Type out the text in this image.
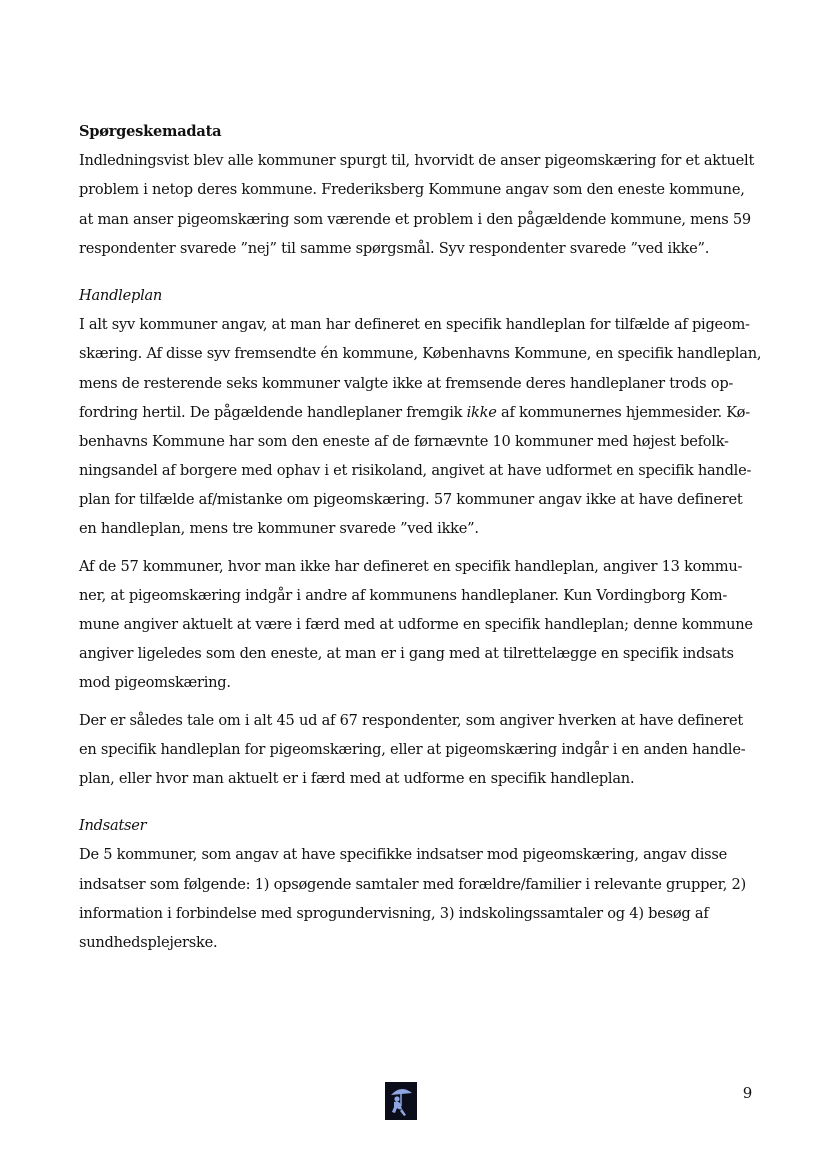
Spørgeskemadata
Indledningsvist blev alle kommuner spurgt til, hvorvidt de anser pigeomskæring for et aktuelt
problem i netop deres kommune. Frederiksberg Kommune angav som den eneste kommune,
at man anser pigeomskæring som værende et problem i den pågældende kommune, mens 59
respondenter svarede ”nej” til samme spørgsmål. Syv respondenter svarede ”ved ikke”.
Handleplan
I alt syv kommuner angav, at man har defineret en specifik handleplan for tilfælde af pigeom-
skæring. Af disse syv fremsendte én kommune, Københavns Kommune, en specifik handleplan,
mens de resterende seks kommuner valgte ikke at fremsende deres handleplaner trods op-
fordring hertil. De pågældende handleplaner fremgik ikke af kommunernes hjemmesider. Kø-
benhavns Kommune har som den eneste af de førnævnte 10 kommuner med højest befolk-
ningsandel af borgere med ophav i et risikoland, angivet at have udformet en specifik handle-
plan for tilfælde af/mistanke om pigeomskæring. 57 kommuner angav ikke at have defineret
en handleplan, mens tre kommuner svarede ”ved ikke”.
Af de 57 kommuner, hvor man ikke har defineret en specifik handleplan, angiver 13 kommu-
ner, at pigeomskæring indgår i andre af kommunens handleplaner. Kun Vordingborg Kom-
mune angiver aktuelt at være i færd med at udforme en specifik handleplan; denne kommune
angiver ligeledes som den eneste, at man er i gang med at tilrettelægge en specifik indsats
mod pigeomskæring.
Der er således tale om i alt 45 ud af 67 respondenter, som angiver hverken at have defineret
en specifik handleplan for pigeomskæring, eller at pigeomskæring indgår i en anden handle-
plan, eller hvor man aktuelt er i færd med at udforme en specifik handleplan.
Indsatser
De 5 kommuner, som angav at have specifikke indsatser mod pigeomskæring, angav disse
indsatser som følgende: 1) opsøgende samtaler med forældre/familier i relevante grupper, 2)
information i forbindelse med sprogundervisning, 3) indskolingssamtaler og 4) besøg af
sundhedsplejerske.
9
